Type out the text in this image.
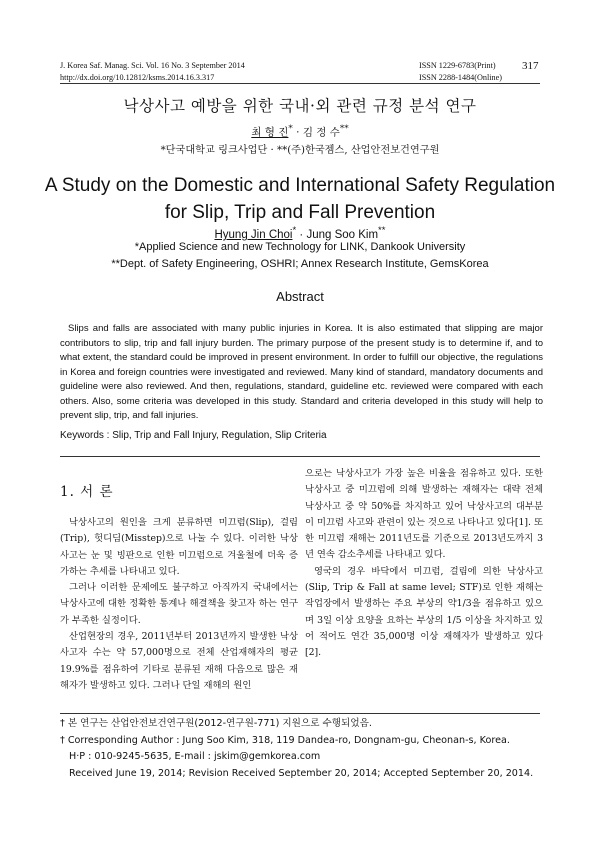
J. Korea Saf. Manag. Sci. Vol. 16 No. 3 September 2014
http://dx.doi.org/10.12812/ksms.2014.16.3.317
ISSN 1229-6783(Print)
ISSN 2288-1484(Online)
317
낙상사고 예방을 위한 국내·외 관련 규정 분석 연구
최 형 진* · 김 정 수**
*단국대학교 링크사업단 · **(주)한국젬스, 산업안전보건연구원
A Study on the Domestic and International Safety Regulation
for Slip, Trip and Fall Prevention
Hyung Jin Choi* · Jung Soo Kim**
*Applied Science and new Technology for LINK, Dankook University
**Dept. of Safety Engineering, OSHRI; Annex Research Institute, GemsKorea
Abstract

Slips and falls are associated with many public injuries in Korea. It is also estimated that slipping are major contributors to slip, trip and fall injury burden. The primary purpose of the present study is to determine if, and to what extent, the standard could be improved in present environment. In order to fulfill our objective, the regulations in Korea and foreign countries were investigated and reviewed. Many kind of standard, mandatory documents and guideline were also reviewed. And then, regulations, standard, guideline etc. reviewed were compared with each others. Also, some criteria was developed in this study. Standard and criteria developed in this study will help to prevent slip, trip, and fall injuries.

Keywords : Slip, Trip and Fall Injury, Regulation, Slip Criteria
1. 서 론

낙상사고의 원인을 크게 분류하면 미끄럼(Slip), 걸림(Trip), 헛디딤(Misstep)으로 나눌 수 있다. 이러한 낙상사고는 눈 및 빙판으로 인한 미끄럼으로 겨울철에 더욱 증가하는 추세를 나타내고 있다.

그러나 이러한 문제에도 불구하고 아직까지 국내에서는 낙상사고에 대한 정확한 통계나 해결책을 찾고자 하는 연구가 부족한 실정이다.

산업현장의 경우, 2011년부터 2013년까지 발생한 낙상사고자 수는 약 57,000명으로 전체 산업재해자의 평균 19.9%를 점유하여 기타로 분류된 재해 다음으로 많은 재해자가 발생하고 있다. 그러나 단일 재해의 원인

으로는 낙상사고가 가장 높은 비율을 점유하고 있다. 또한 낙상사고 중 미끄럼에 의해 발생하는 재해자는 대략 전체 낙상사고 중 약 50%를 차지하고 있어 낙상사고의 대부분이 미끄럼 사고와 관련이 있는 것으로 나타나고 있다[1]. 또한 미끄럼 재해는 2011년도를 기준으로 2013년도까지 3년 연속 감소추세를 나타내고 있다.

영국의 경우 바닥에서 미끄럼, 걸림에 의한 낙상사고(Slip, Trip & Fall at same level; STF)로 인한 재해는 작업장에서 발생하는 주요 부상의 약1/3을 점유하고 있으며 3일 이상 요양을 요하는 부상의 1/5 이상을 차지하고 있어 적어도 연간 35,000명 이상 재해자가 발생하고 있다[2].

† 본 연구는 산업안전보건연구원(2012-연구원-771) 지원으로 수행되었음.
† Corresponding Author : Jung Soo Kim, 318, 119 Dandea-ro, Dongnam-gu, Cheonan-s, Korea.
H·P : 010-9245-5635, E-mail : jskim@gemkorea.com
Received June 19, 2014; Revision Received September 20, 2014; Accepted September 20, 2014.
